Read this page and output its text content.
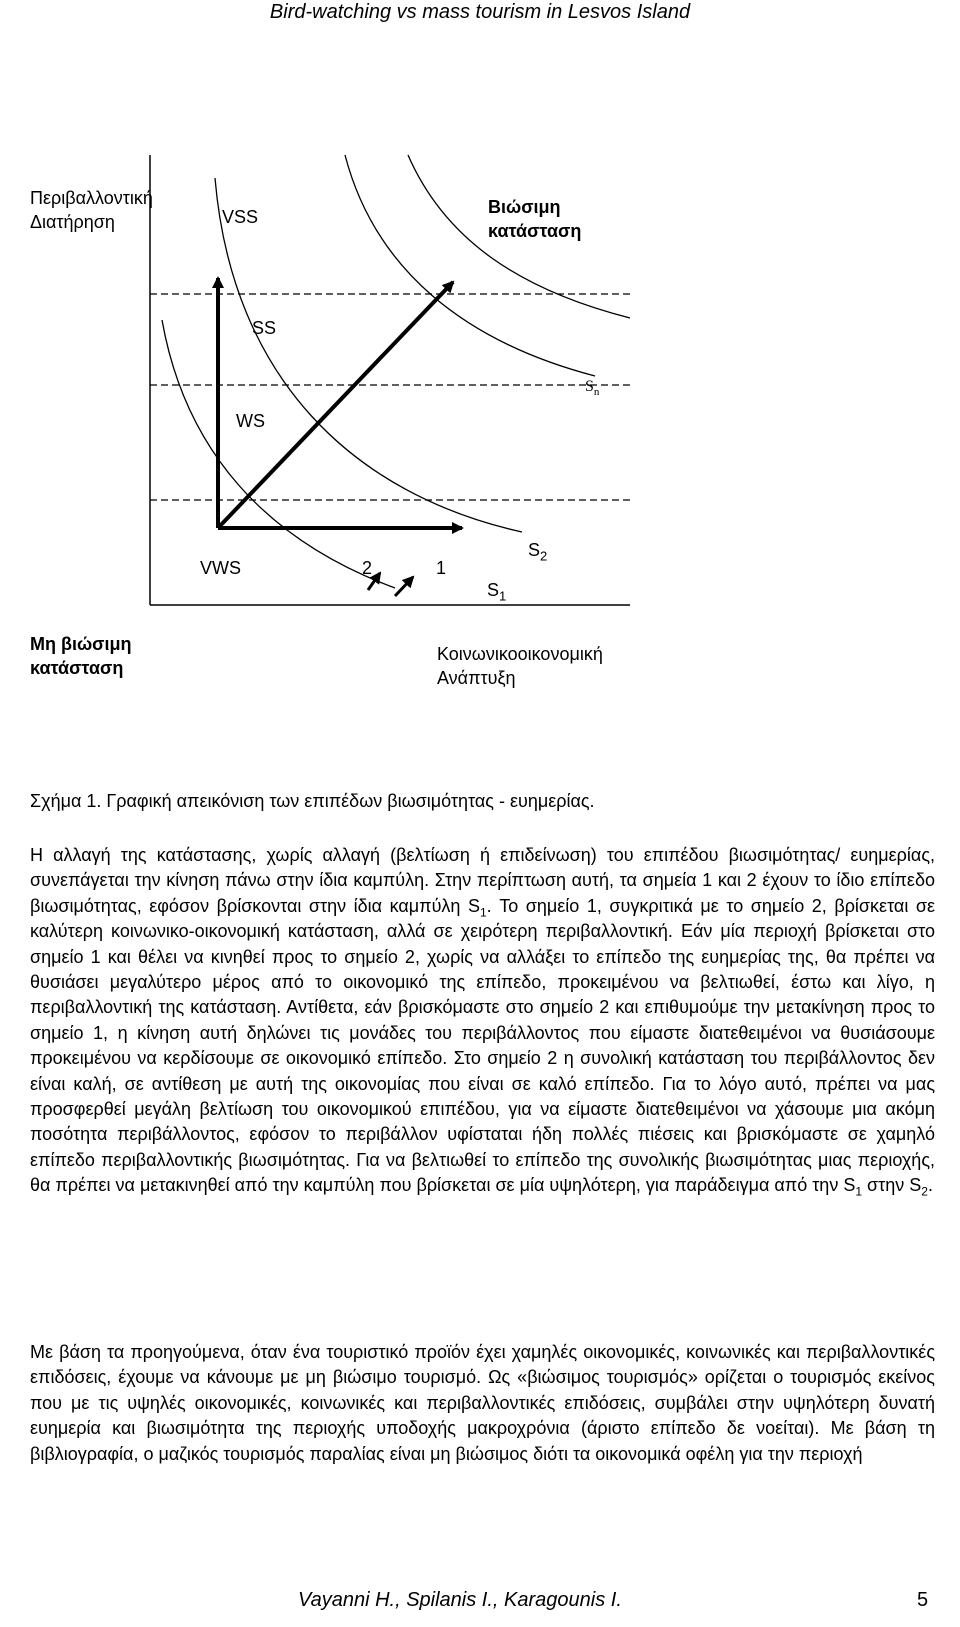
Bird-watching vs mass tourism in Lesvos Island
Περιβαλλοντική
Διατήρηση
Βιώσιμη
κατάσταση
VSS
SS
WS
VWS
$S_n$
$S_2$
$S_1$
2	1
Μη βιώσιμη
κατάσταση
Κοινωνικοοικονομική
Ανάπτυξη
Σχήμα 1. Γραφική απεικόνιση των επιπέδων βιωσιμότητας - ευημερίας.

Η αλλαγή της κατάστασης, χωρίς αλλαγή (βελτίωση ή επιδείνωση) του επιπέδου βιωσιμότητας/ ευημερίας, συνεπάγεται την κίνηση πάνω στην ίδια καμπύλη. Στην περίπτωση αυτή, τα σημεία 1 και 2 έχουν το ίδιο επίπεδο βιωσιμότητας, εφόσον βρίσκονται στην ίδια καμπύλη $S_1$. Το σημείο 1, συγκριτικά με το σημείο 2, βρίσκεται σε καλύτερη κοινωνικο-οικονομική κατάσταση, αλλά σε χειρότερη περιβαλλοντική. Εάν μία περιοχή βρίσκεται στο σημείο 1 και θέλει να κινηθεί προς το σημείο 2, χωρίς να αλλάξει το επίπεδο της ευημερίας της, θα πρέπει να θυσιάσει μεγαλύτερο μέρος από το οικονομικό της επίπεδο, προκειμένου να βελτιωθεί, έστω και λίγο, η περιβαλλοντική της κατάσταση. Αντίθετα, εάν βρισκόμαστε στο σημείο 2 και επιθυμούμε την μετακίνηση προς το σημείο 1, η κίνηση αυτή δηλώνει τις μονάδες του περιβάλλοντος που είμαστε διατεθειμένοι να θυσιάσουμε προκειμένου να κερδίσουμε σε οικονομικό επίπεδο. Στο σημείο 2 η συνολική κατάσταση του περιβάλλοντος δεν είναι καλή, σε αντίθεση με αυτή της οικονομίας που είναι σε καλό επίπεδο. Για το λόγο αυτό, πρέπει να μας προσφερθεί μεγάλη βελτίωση του οικονομικού επιπέδου, για να είμαστε διατεθειμένοι να χάσουμε μια ακόμη ποσότητα περιβάλλοντος, εφόσον το περιβάλλον υφίσταται ήδη πολλές πιέσεις και βρισκόμαστε σε χαμηλό επίπεδο περιβαλλοντικής βιωσιμότητας. Για να βελτιωθεί το επίπεδο της συνολικής βιωσιμότητας μιας περιοχής, θα πρέπει να μετακινηθεί από την καμπύλη που βρίσκεται σε μία υψηλότερη, για παράδειγμα από την $S_1$ στην $S_2$.

Με βάση τα προηγούμενα, όταν ένα τουριστικό προϊόν έχει χαμηλές οικονομικές, κοινωνικές και περιβαλλοντικές επιδόσεις, έχουμε να κάνουμε με μη βιώσιμο τουρισμό. Ως «βιώσιμος τουρισμός» ορίζεται ο τουρισμός εκείνος που με τις υψηλές οικονομικές, κοινωνικές και περιβαλλοντικές επιδόσεις, συμβάλει στην υψηλότερη δυνατή ευημερία και βιωσιμότητα της περιοχής υποδοχής μακροχρόνια (άριστο επίπεδο δε νοείται). Με βάση τη βιβλιογραφία, ο μαζικός τουρισμός παραλίας είναι μη βιώσιμος διότι τα οικονομικά οφέλη για την περιοχή

Vayanni H., Spilanis I., Karagounis I.	5
